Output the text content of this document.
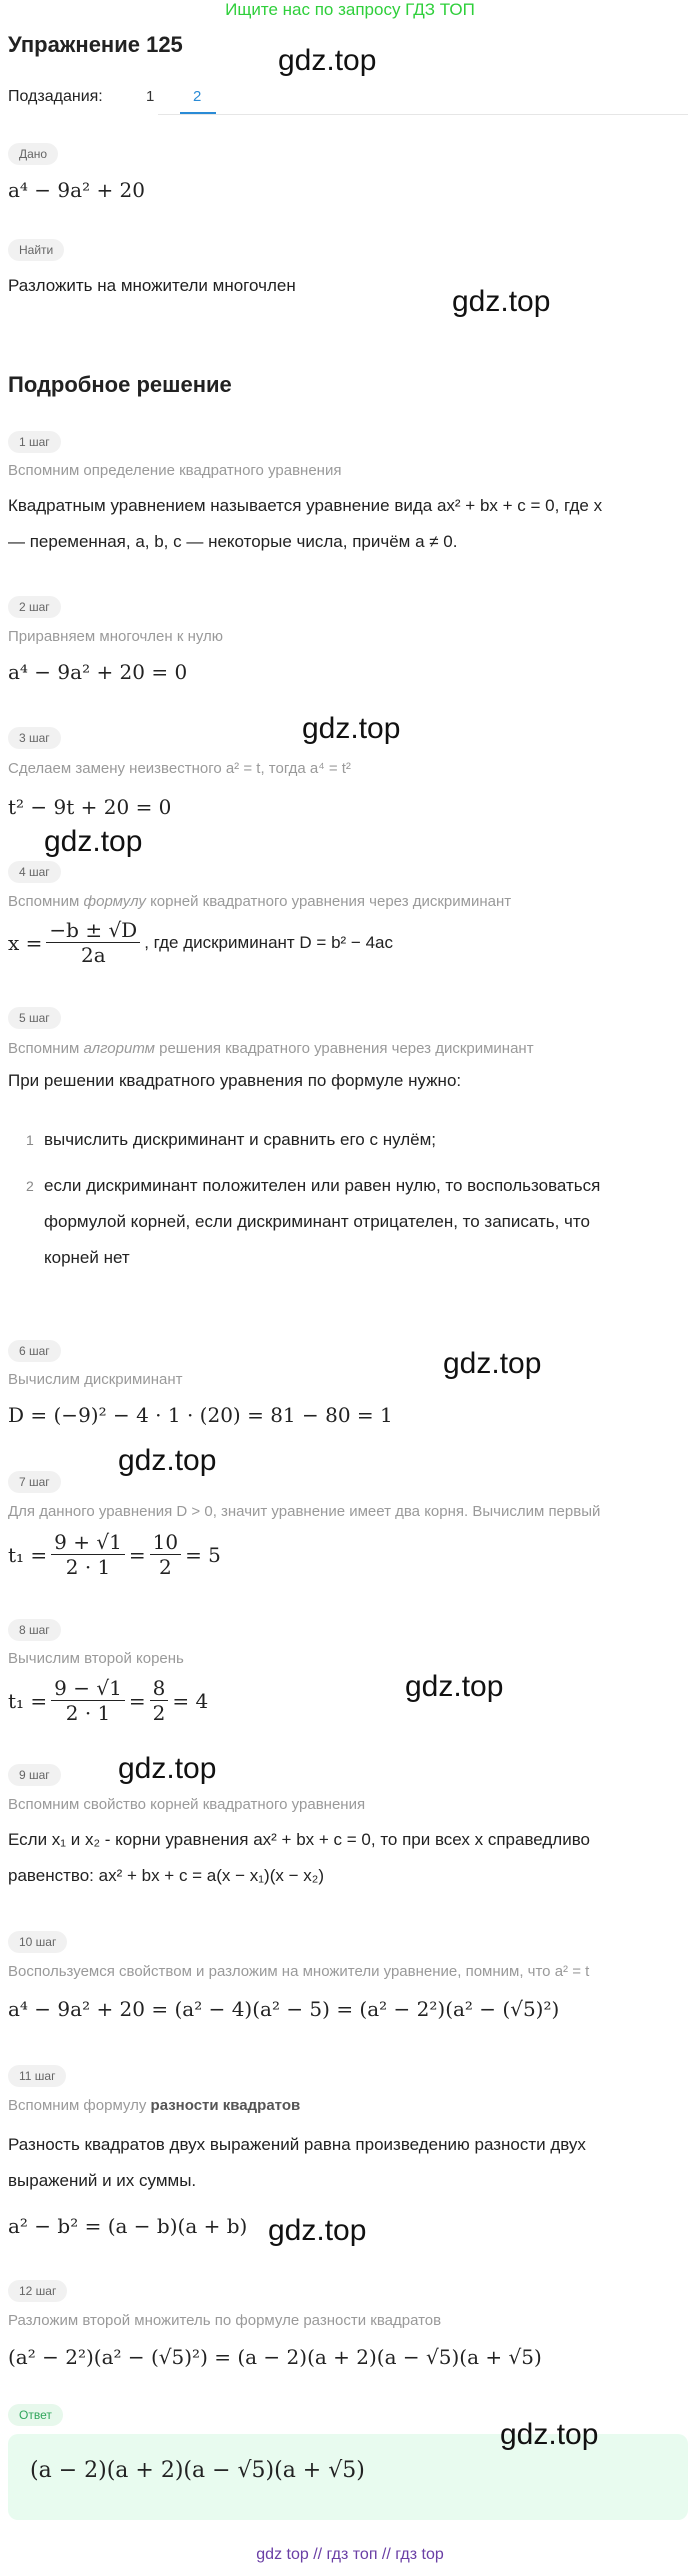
Ищите нас по запросу ГДЗ ТОП
Упражнение 125
Подзадания:	1	2
Дано
a⁴ − 9a² + 20
Найти
Разложить на множители многочлен
Подробное решение
1 шаг
Вспомним определение квадратного уравнения
Квадратным уравнением называется уравнение вида ax² + bx + c = 0, где x
— переменная, a, b, c — некоторые числа, причём a ≠ 0.
2 шаг
Приравняем многочлен к нулю
a⁴ − 9a² + 20 = 0
3 шаг
Сделаем замену неизвестного a² = t, тогда a⁴ = t²
t² − 9t + 20 = 0
4 шаг
Вспомним формулу корней квадратного уравнения через дискриминант
$x = \frac{-b \pm √D}{2a}$ , где дискриминант D = b² − 4ac
5 шаг
Вспомним алгоритм решения квадратного уравнения через дискриминант
При решении квадратного уравнения по формуле нужно:
1 вычислить дискриминант и сравнить его с нулём;
2 если дискриминант положителен или равен нулю, то воспользоваться
формулой корней, если дискриминант отрицателен, то записать, что
корней нет
6 шаг
Вычислим дискриминант
D = (−9)² − 4 · 1 · (20) = 81 − 80 = 1
7 шаг
Для данного уравнения D > 0, значит уравнение имеет два корня. Вычислим первый
$t_1 = \frac{9 + √1}{2 \cdot 1} = \frac{10}{2} = 5$
8 шаг
Вычислим второй корень
$t_1 = \frac{9 - √1}{2 \cdot 1} = \frac{8}{2} = 4$
9 шаг
Вспомним свойство корней квадратного уравнения
Если x₁ и x₂ - корни уравнения ax² + bx + c = 0, то при всех x справедливо
равенство: ax² + bx + c = a(x − x₁)(x − x₂)
10 шаг
Воспользуемся свойством и разложим на множители уравнение, помним, что a² = t
a⁴ − 9a² + 20 = (a² − 4)(a² − 5) = (a² − 2²)(a² − (√5)²)
11 шаг
Вспомним формулу разности квадратов
Разность квадратов двух выражений равна произведению разности двух
выражений и их суммы.
a² − b² = (a − b)(a + b)
12 шаг
Разложим второй множитель по формуле разности квадратов
(a² − 2²)(a² − (√5)²) = (a − 2)(a + 2)(a − √5)(a + √5)
Ответ
(a − 2)(a + 2)(a − √5)(a + √5)
gdz.top
gdz.top
gdz.top
gdz.top
gdz.top
gdz.top
gdz.top
gdz.top
gdz.top
gdz.top
gdz top // гдз топ // гдз top
